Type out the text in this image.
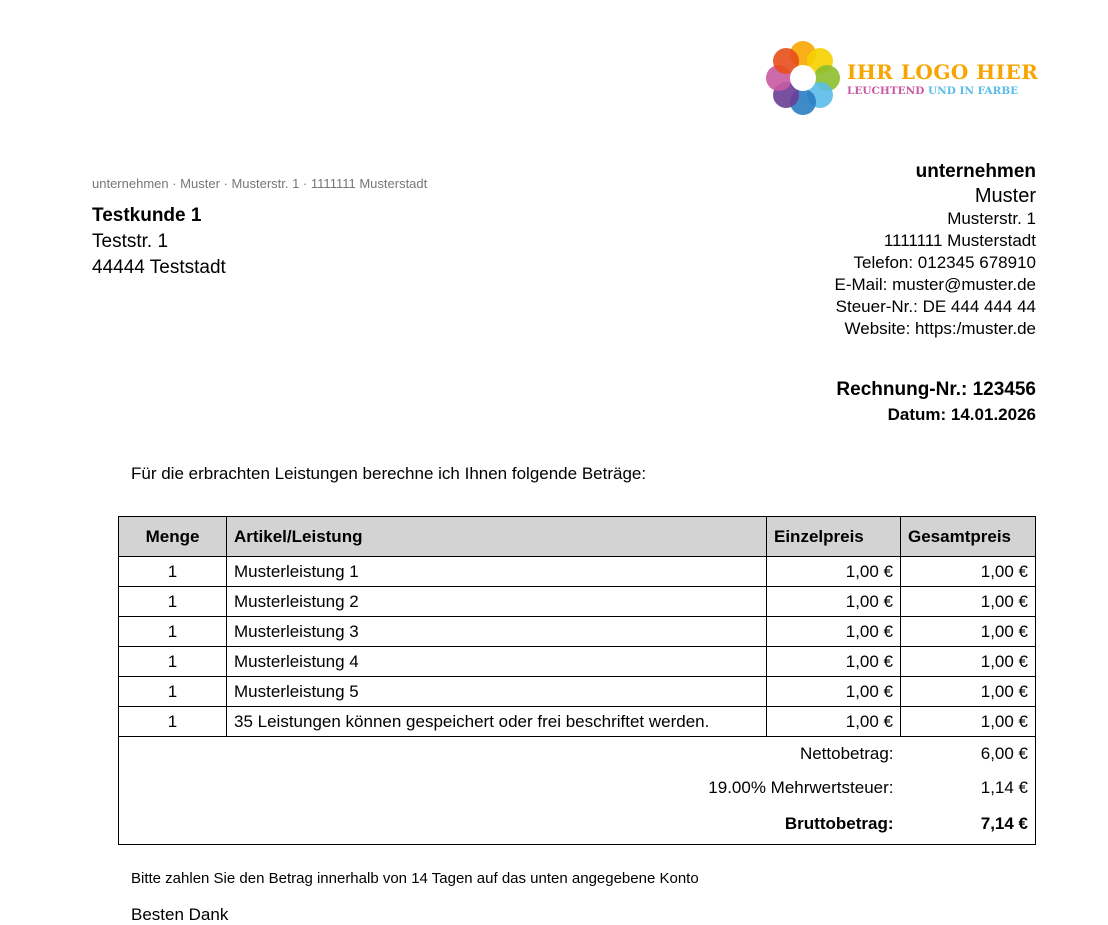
IHR LOGO HIER
LEUCHTEND UND IN FARBE
unternehmen · Muster · Musterstr. 1 · 1111111 Musterstadt
Testkunde 1
Teststr. 1
44444 Teststadt
unternehmen
Muster
Musterstr. 1
1111111 Musterstadt
Telefon: 012345 678910
E-Mail: muster@muster.de
Steuer-Nr.: DE 444 444 44
Website: https:/muster.de
Rechnung-Nr.: 123456
Datum: 14.01.2026
Für die erbrachten Leistungen berechne ich Ihnen folgende Beträge:
Menge	Artikel/Leistung	Einzelpreis	Gesamtpreis
1	Musterleistung 1	1,00 €	1,00 €
1	Musterleistung 2	1,00 €	1,00 €
1	Musterleistung 3	1,00 €	1,00 €
1	Musterleistung 4	1,00 €	1,00 €
1	Musterleistung 5	1,00 €	1,00 €
1	35 Leistungen können gespeichert oder frei beschriftet werden.	1,00 €	1,00 €
Nettobetrag:			6,00 €
19.00% Mehrwertsteuer:			1,14 €
Bruttobetrag:			7,14 €
Bitte zahlen Sie den Betrag innerhalb von 14 Tagen auf das unten angegebene Konto
Besten Dank
